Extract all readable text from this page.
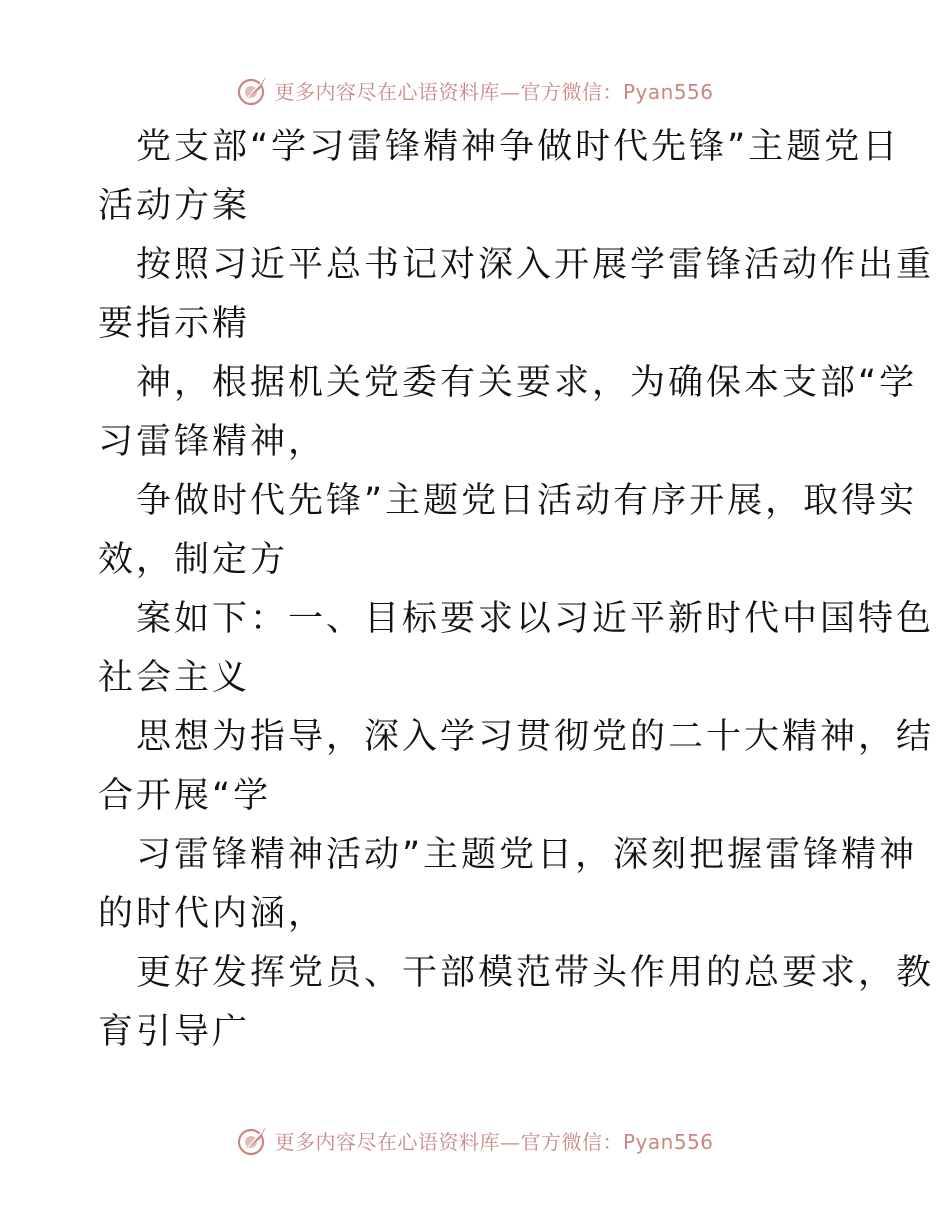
更多内容尽在心语资料库—官方微信：Pyan556
党支部“学习雷锋精神争做时代先锋”主题党日
活动方案
按照习近平总书记对深入开展学雷锋活动作出重
要指示精
神，根据机关党委有关要求，为确保本支部“学
习雷锋精神，
争做时代先锋”主题党日活动有序开展，取得实
效，制定方
案如下：一、目标要求以习近平新时代中国特色
社会主义
思想为指导，深入学习贯彻党的二十大精神，结
合开展“学
习雷锋精神活动”主题党日，深刻把握雷锋精神
的时代内涵，
更好发挥党员、干部模范带头作用的总要求，教
育引导广
更多内容尽在心语资料库—官方微信：Pyan556
